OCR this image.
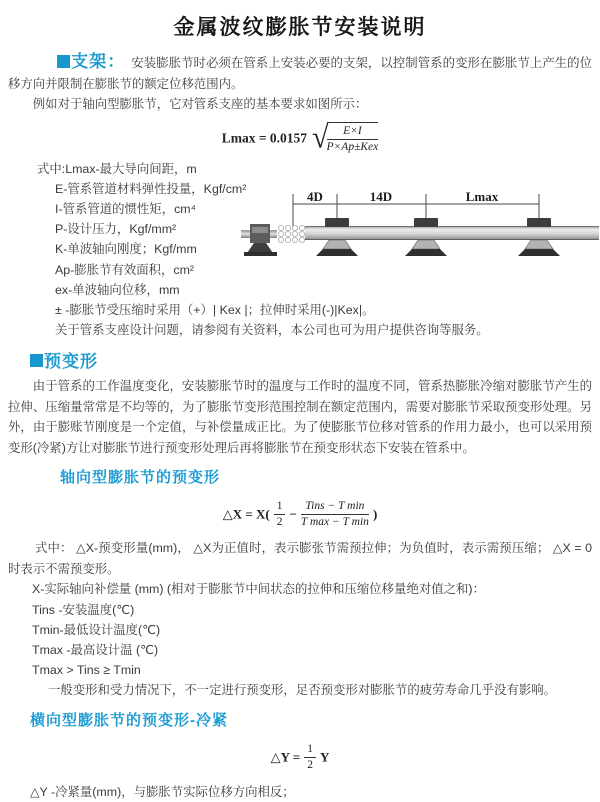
金属波纹膨胀节安装说明

支架： 安装膨胀节时必须在管系上安装必要的支架，以控制管系的变形在膨胀节上产生的位移方向并限制在膨胀节的额定位移范围内。

例如对于轴向型膨胀节，它对管系支座的基本要求如图所示：

Lmax = 0.0157 √
$\frac{E\times I}{\text{P×Ap±Kex}}$
式中:Lmax-最大导向间距，m
E-管系管道材料弹性投量，Kgf/cm²
I-管系管道的惯性矩，cm⁴
P-设计压力，Kgf/mm²
K-单波轴向刚度；Kgf/mm
Ap-膨胀节有效面积，cm²
ex-单波轴向位移，mm
± -膨胀节受压缩时采用（+）| Kex |；拉伸时采用(-)|Kex|。
关于管系支座设计问题，请参阅有关资料，本公司也可为用户提供咨询等服务。
4D	14D	Lmax
预变形

由于管系的工作温度变化，安装膨胀节时的温度与工作时的温度不同，管系热膨胀冷缩对膨胀节产生的拉伸、压缩量常常是不均等的，为了膨胀节变形范围控制在额定范围内，需要对膨胀节采取预变形处理。另外，由于膨账节刚度是一个定值，与补偿量成正比。为了使膨胀节位移对管系的作用力最小，也可以采用预变形(冷紧)方让对膨胀节进行预变形处理后再将膨胀节在预变形状态下安装在管系中。

轴向型膨胀节的预变形
△X = $X( \frac{1}{2} - \frac{\text{Tins − T min}}{\text{T max − T min}}$ )

式中： △X-预变形量(mm)， △X为正值时，表示膨张节需预拉伸；为负值时，表示需预压缩； △X = 0时表示不需预变形。

X-实际轴向补偿量 (mm) (相对于膨胀节中间状态的拉伸和压缩位移量绝对值之和)：
Tins -安装温度(℃)
Tmin-最低设计温度(℃)
Tmax -最高设计温 (℃)
Tmax > Tins ≥ Tmin
一般变形和受力情况下，不一定进行预变形，足否预变形对膨胀节的疲劳寿命几乎没有影响。
横向型膨胀节的预变形-冷紧
△Y = $\frac{1}{2}$ Y

△Y -冷紧量(mm)，与膨胀节实际位移方向相反；
